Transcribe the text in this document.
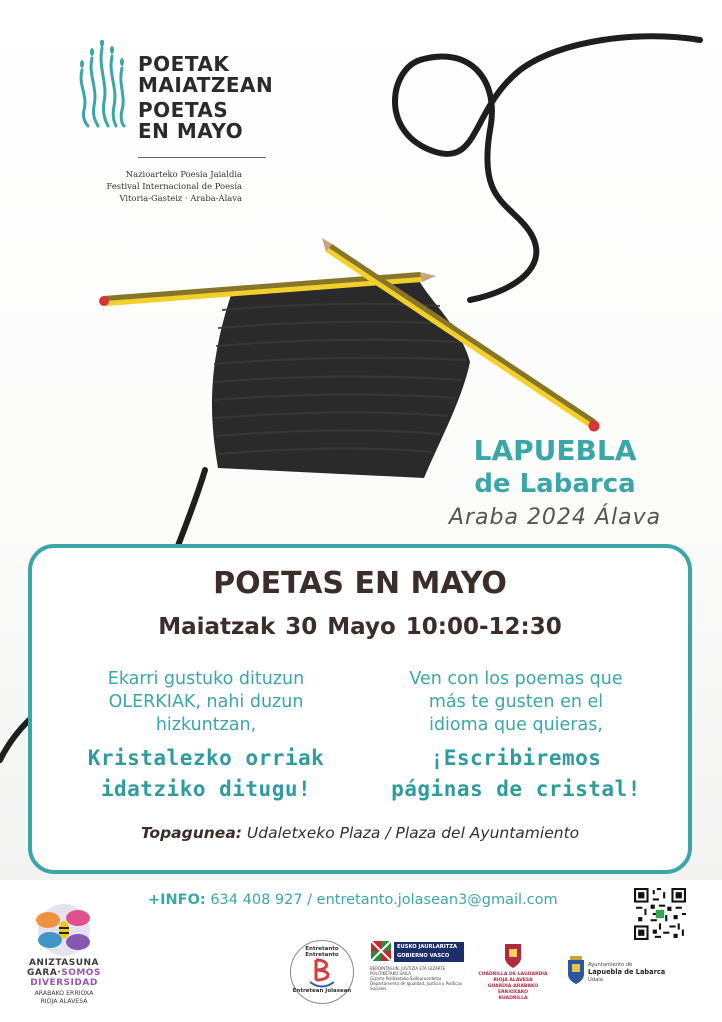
POETAK
MAIATZEAN
POETAS
EN MAYO
Nazioarteko Poesia Jaialdia
Festival Internacional de Poesía
Vitoria-Gasteiz · Araba-Álava
LAPUEBLA
de Labarca
Araba 2024 Álava
POETAS EN MAYO
Maiatzak 30 Mayo 10:00-12:30
Ekarri gustuko dituzun
OLERKIAK, nahi duzun
hizkuntzan,
Kristalezko orriak
idatziko ditugu!
Ven con los poemas que
más te gusten en el
idioma que quieras,
¡Escribiremos
páginas de cristal!
Topagunea: Udaletxeko Plaza / Plaza del Ayuntamiento
+INFO: 634 408 927 / entretanto.jolasean3@gmail.com
ANIZTASUNA
GARA·SOMOS
DIVERSIDAD
ARABAKO ERRIOXA
RIOJA ALAVESA
Entretanto Entretanto
Entretean Jolasean
EUSKO JAURLARITZA
GOBIERNO VASCO
BERDINTASUN, JUSTIZIA ETA GIZARTE POLITIKETAKO SAILA
Gizarte Politiketako Sailburuordetza
Departamento de Igualdad, Justicia y Políticas Sociales
CUADRILLA DE LAGUARDIA
RIOJA ALAVESA
GUARDIA-ARABAKO ERRIOXAKO
KUADRILLA
Ayuntamiento de
Lapuebla de Labarca
Udala
